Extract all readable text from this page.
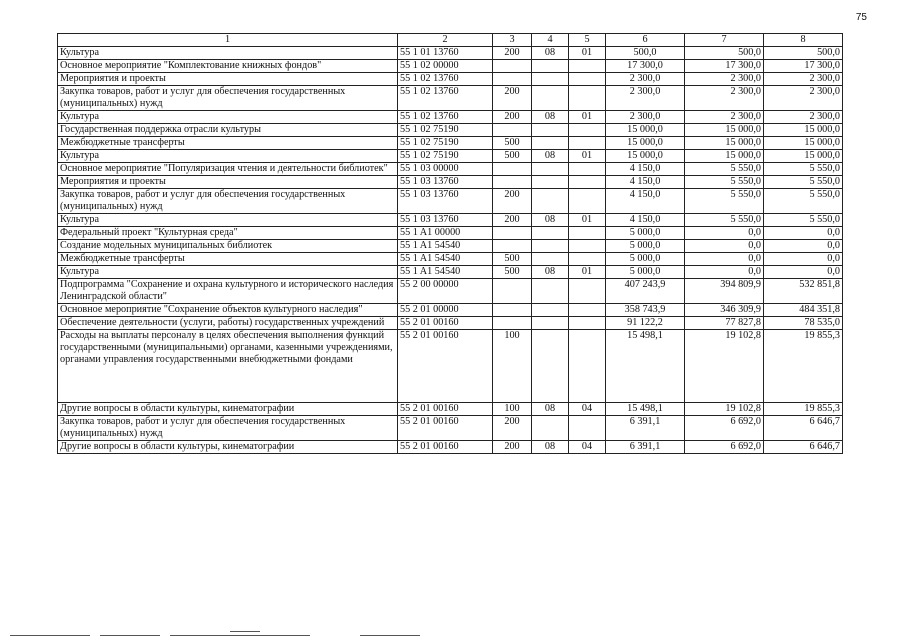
75
1	2	3	4	5	6	7	8
Культура	55 1 01 13760	200	08	01	500,0	500,0	500,0
Основное мероприятие "Комплектование книжных фондов"	55 1 02 00000				17 300,0	17 300,0	17 300,0
Мероприятия и проекты	55 1 02 13760				2 300,0	2 300,0	2 300,0
Закупка товаров, работ и услуг для обеспечения государственных (муниципальных) нужд	55 1 02 13760	200			2 300,0	2 300,0	2 300,0
Культура	55 1 02 13760	200	08	01	2 300,0	2 300,0	2 300,0
Государственная поддержка отрасли культуры	55 1 02 75190				15 000,0	15 000,0	15 000,0
Межбюджетные трансферты	55 1 02 75190	500			15 000,0	15 000,0	15 000,0
Культура	55 1 02 75190	500	08	01	15 000,0	15 000,0	15 000,0
Основное мероприятие "Популяризация чтения и деятельности библиотек"	55 1 03 00000				4 150,0	5 550,0	5 550,0
Мероприятия и проекты	55 1 03 13760				4 150,0	5 550,0	5 550,0
Закупка товаров, работ и услуг для обеспечения государственных (муниципальных) нужд	55 1 03 13760	200			4 150,0	5 550,0	5 550,0
Культура	55 1 03 13760	200	08	01	4 150,0	5 550,0	5 550,0
Федеральный проект "Культурная среда"	55 1 A1 00000				5 000,0	0,0	0,0
Создание модельных муниципальных библиотек	55 1 A1 54540				5 000,0	0,0	0,0
Межбюджетные трансферты	55 1 A1 54540	500			5 000,0	0,0	0,0
Культура	55 1 A1 54540	500	08	01	5 000,0	0,0	0,0
Подпрограмма "Сохранение и охрана культурного и исторического наследия Ленинградской области"	55 2 00 00000				407 243,9	394 809,9	532 851,8
Основное мероприятие "Сохранение объектов культурного наследия"	55 2 01 00000				358 743,9	346 309,9	484 351,8
Обеспечение деятельности (услуги, работы) государственных учреждений	55 2 01 00160				91 122,2	77 827,8	78 535,0
Расходы на выплаты персоналу в целях обеспечения выполнения функций государственными (муниципальными) органами, казенными учреждениями, органами управления государственными внебюджетными фондами	55 2 01 00160	100			15 498,1	19 102,8	19 855,3
Другие вопросы в области культуры, кинематографии	55 2 01 00160	100	08	04	15 498,1	19 102,8	19 855,3
Закупка товаров, работ и услуг для обеспечения государственных (муниципальных) нужд	55 2 01 00160	200			6 391,1	6 692,0	6 646,7
Другие вопросы в области культуры, кинематографии	55 2 01 00160	200	08	04	6 391,1	6 692,0	6 646,7
